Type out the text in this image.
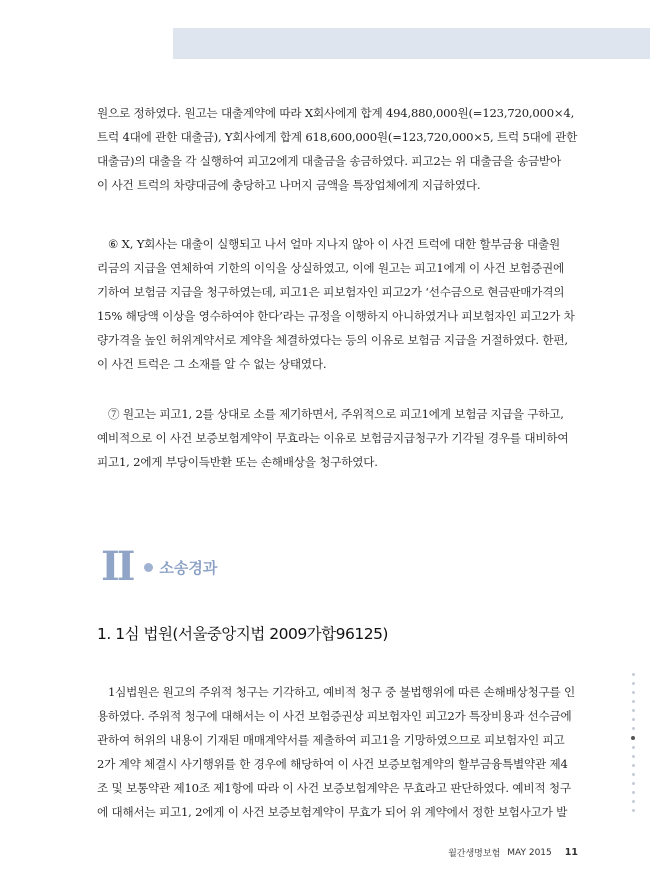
원으로 정하였다. 원고는 대출계약에 따라 X회사에게 합계 494,880,000원(=123,720,000×4,

트럭 4대에 관한 대출금), Y회사에게 합계 618,600,000원(=123,720,000×5, 트럭 5대에 관한

대출금)의 대출을 각 실행하여 피고2에게 대출금을 송금하였다. 피고2는 위 대출금을 송금받아

이 사건 트럭의 차량대금에 충당하고 나머지 금액을 특장업체에게 지급하였다.

⑥ X, Y회사는 대출이 실행되고 나서 얼마 지나지 않아 이 사건 트럭에 대한 할부금융 대출원

리금의 지급을 연체하여 기한의 이익을 상실하였고, 이에 원고는 피고1에게 이 사건 보험증권에

기하여 보험금 지급을 청구하였는데, 피고1은 피보험자인 피고2가 ‘선수금으로 현금판매가격의

15% 해당액 이상을 영수하여야 한다’라는 규정을 이행하지 아니하였거나 피보험자인 피고2가 차

량가격을 높인 허위계약서로 계약을 체결하였다는 등의 이유로 보험금 지급을 거절하였다. 한편,

이 사건 트럭은 그 소재를 알 수 없는 상태였다.

⑦ 원고는 피고1, 2를 상대로 소를 제기하면서, 주위적으로 피고1에게 보험금 지급을 구하고,

예비적으로 이 사건 보증보험계약이 무효라는 이유로 보험금지급청구가 기각될 경우를 대비하여

피고1, 2에게 부당이득반환 또는 손해배상을 청구하였다.

II 소송경과
1. 1심 법원(서울중앙지법 2009가합96125)

1심법원은 원고의 주위적 청구는 기각하고, 예비적 청구 중 불법행위에 따른 손해배상청구를 인

용하였다. 주위적 청구에 대해서는 이 사건 보험증권상 피보험자인 피고2가 특장비용과 선수금에

관하여 허위의 내용이 기재된 매매계약서를 제출하여 피고1을 기망하였으므로 피보험자인 피고

2가 계약 체결시 사기행위를 한 경우에 해당하여 이 사건 보증보험계약의 할부금융특별약관 제4

조 및 보통약관 제10조 제1항에 따라 이 사건 보증보험계약은 무효라고 판단하였다. 예비적 청구

에 대해서는 피고1, 2에게 이 사건 보증보험계약이 무효가 되어 위 계약에서 정한 보험사고가 발

월간생명보험 MAY 2015 11
